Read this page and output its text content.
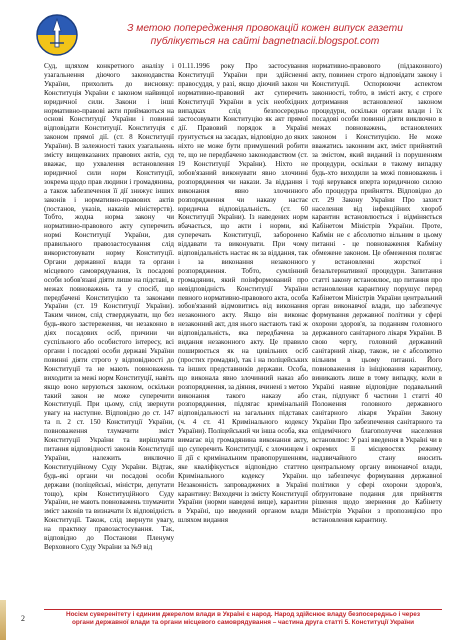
З метою попередження провокацій кожен випуск газети
публікується на сайті bagnetnacii.blogspot.com

Суд, щляхом конкретного аналізу і узагальнення діючого законодавства України, прихолить до висновку: Конституція України є законом найвищої юридичної сили. Закони і інші нормативно-правові акти приймаються на основі Конституції України і повинні відповідати Конституції. Конституція є законом прямої дії. (ст. 8 Конституції України). В залежності таких узагальнень змісту вищевказаних правових актів, суд вважає, що ухвалення встановлення юридичної сили норм Конституції, зокрема щодо прав людини і громадянина, а також забезпечення її дії знижує інших законів і нормативно-правових актів (постанов, указів, наказів міністерств). Тобто, жодна норма закону чи нормативно-правового акту суперечить нормі Конституції України, для правильного правозастосування слід використовувати норму Конституції. Органи державної влади та органи місцевого самоврядування, їх посадові особи зобов'язані діяти лише на підставі, в межах повноважень та у спосіб, що передбачені Конституцією та законами України (ст. 19 Конституції України). Таким чином, слід стверджувати, що без будь-якого застереження, чи незаконно в діях посадових осіб, причини чи суспільного або особистого інтересу, всі органи і посадові особи державі України повинні діяти строго у відповідності до Конституції та не мають повноважень виходити за межі норм Конституції, навіть якщо воно керуються законом, оскільки такий закон не може суперечити Конституції. При цьому, слід звернути увагу на наступне. Відповідно до ст. 147 та п. 2 ст. 150 Конституції України, повноваження тлумачити зміст Конституції України та вирішувати питання відповідності законів Конституції України, належить виключно Конституційному Суду України. Відтак, будь-які органи чи посадові особи держави (поліцейські, міністри, депутати тощо), крім Конституційного Суду України, не мають повноважень тлумачити зміст законів та визначати їх відповідність Конституції. Також, слід звернути увагу, на практику правозастосування. Так, відповідно до Постанови Пленуму Верховного Суду України за №9 від

01.11.1996 року Про застосування Конституції України при здійсненні правосуддя, у разі, якщо діючий закон чи нормативно-правовий акт суперечить Конституції України в усіх необхідних випадках слід безпосередньо застосовувати Конституцію як акт прямої дії. Правовий порядок в Україні ґрунтується на засадах, відповідно до яких ніхто не може бути примушений робити те, що не передбачено законодавством (ст. 19 Конституції України). Ніхто не зобов'язаний виконувати явно злочинні розпорядження чи накази. За віддання і виконання явно злочинного розпорядження чи наказу настає юридична відповідальність. (ст. 60 Конституції України). Із наведених норм вбачається, що акти і норми, які суперечать Конституції, заборонено віддавати та виконувати. При чому відповідальність настає як за віддання, так і за виконання незаконного розпорядження. Тобто, сумлінний громадянин, який поінформований про невідповідність Конституції України певного нормативно-правового акта, особа зобов'язаний відмовитись від виконання незаконного акту. Якщо він виконає незаконний акт, для нього настають такі ж відповідальність, яка передбачена за видання незаконного акту. Це правило поширюється як на цивільних осіб (простих громадян), так і на поліцейських та інших представників держави. Особа, що виконала явно злочинний наказ або розпорядження, за діяння, вчинені з метою виконання такого наказу або розпорядження, підлягає кримінальній відповідальності на загальних підставах (ч. 4 ст. 41 Кримінального кодексу України). Поліцейський чи інша особа, яка вимагає від громадянина виконання акту, що суперечить Конституції, є злочинцем і її дії є кримінальним правопорушенням, яке кваліфікується відповідно статтею Кримінального кодексу України. Незаконність запроваджених в Україні карантину: Виходячи із змісту Конституції України (норми наведені вище), карантин в Україні, що введений органом влади шляхом видання

нормативно-правового (підзаконного) акту, повинен строго відповідати закону і Конституції. Оспорюючи аспектом законності, тобто, в змісті акту, є строге дотримання встановленої законом процедури, оскільки органи влади і їх посадові особи повинні діяти виключно в межах повноважень, встановлених законом і Конституцією. Не може вважатись законним акт, зміст прийнятий за змістом, який виданий із порушенням процедури, оскільки в такому випадку будь-хто виходили за межі повноважень і тоді керувався вперта юридичною силою або процедура прийняття. Відповідно до ст. 29 Закону України Про захист населення від інфекційних хвороб карантин встановлюється і відміняється Кабінетом Міністрів України. Проте, Кабмін не є абсолютно вільним в цьому питанні - це повноваження Кабміну обмежене законом. Це обмеження полягає у встановленні жорсткої і безальтернативної процедури. Запитання статті закону встановлює, що питання про встановлення карантину порушує перед Кабінетом Міністрів України центральний орган виконавчої влади, що забезпечує формування державної політики у сфері охорони здоров'я, за поданням головного державного санітарного лікаря України. В свою чергу, головний державний санітарний лікар, також, не є абсолютно вільним в цьому питанні. Його повноваження із ініціювання карантину, виникають лише в тому випадку, коли в Україні наявне відповідне подавальний стан, підпункт б частини 1 статті 40 Положення головного державного санітарного лікаря України Закону України Про забезпечення санітарного та епідемічного благополуччя населення встановлює: У разі введення в Україні чи в окремих її місцевостях режиму надзвичайного стану вносить центральному органу виконавчої влади, що забезпечує формування державної політики у сфері охорони здоров'я, обґрунтоване подання для прийняття рішення щодо звернення до Кабінету Міністрів України з пропозицією про встановлення карантину.

2	Носієм суверенітету і єдиним джерелом влади в Україні є народ. Народ здійснює владу безпосередньо і через
органи державної влади та органи місцевого самоврядування – частина друга статті 5. Конституції України
